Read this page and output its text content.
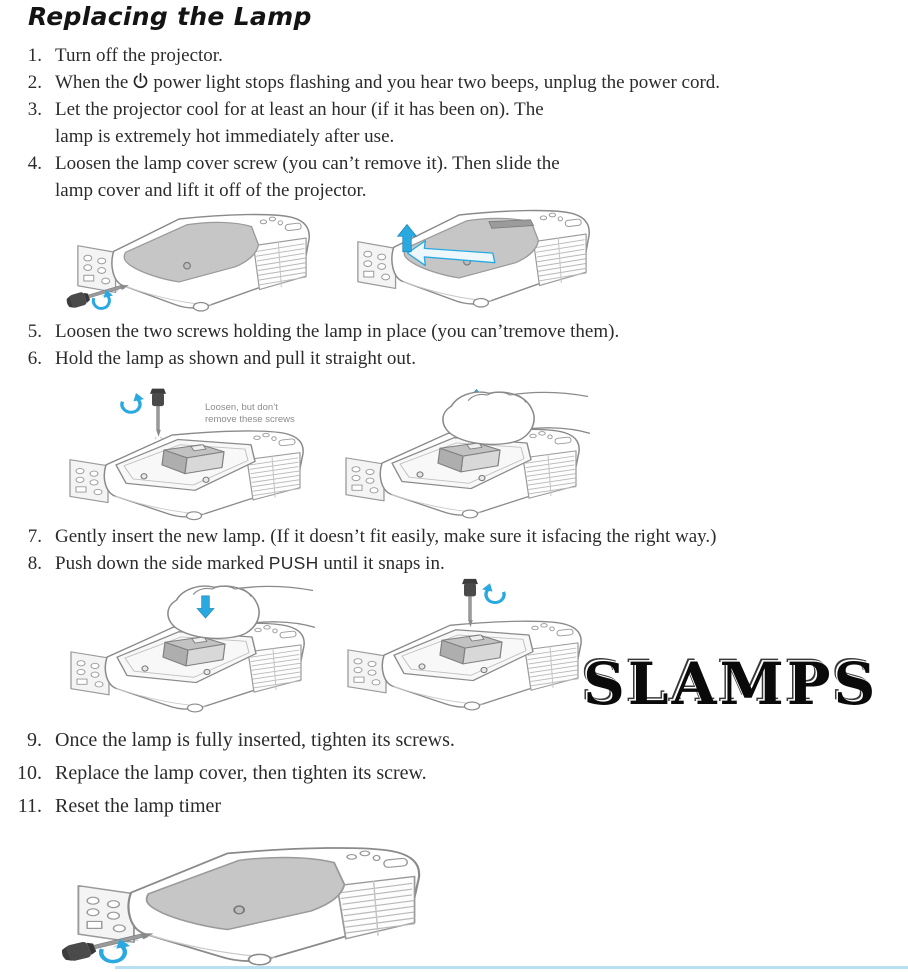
Replacing the Lamp
1. Turn off the projector.
2. When the power light stops flashing and you hear two beeps, unplug the power cord.
3. Let the projector cool for at least an hour (if it has been on). The
lamp is extremely hot immediately after use.
4. Loosen the lamp cover screw (you can’t remove it). Then slide the
lamp cover and lift it off of the projector.
5. Loosen the two screws holding the lamp in place (you can’tremove them).
6. Hold the lamp as shown and pull it straight out.
7. Gently insert the new lamp. (If it doesn’t fit easily, make sure it isfacing the right way.)
8. Push down the side marked PUSH until it snaps in.
9. Once the lamp is fully inserted, tighten its screws.
10. Replace the lamp cover, then tighten its screw.
11. Reset the lamp timer
Loosen, but don’t
remove these screws
SLAMPS
